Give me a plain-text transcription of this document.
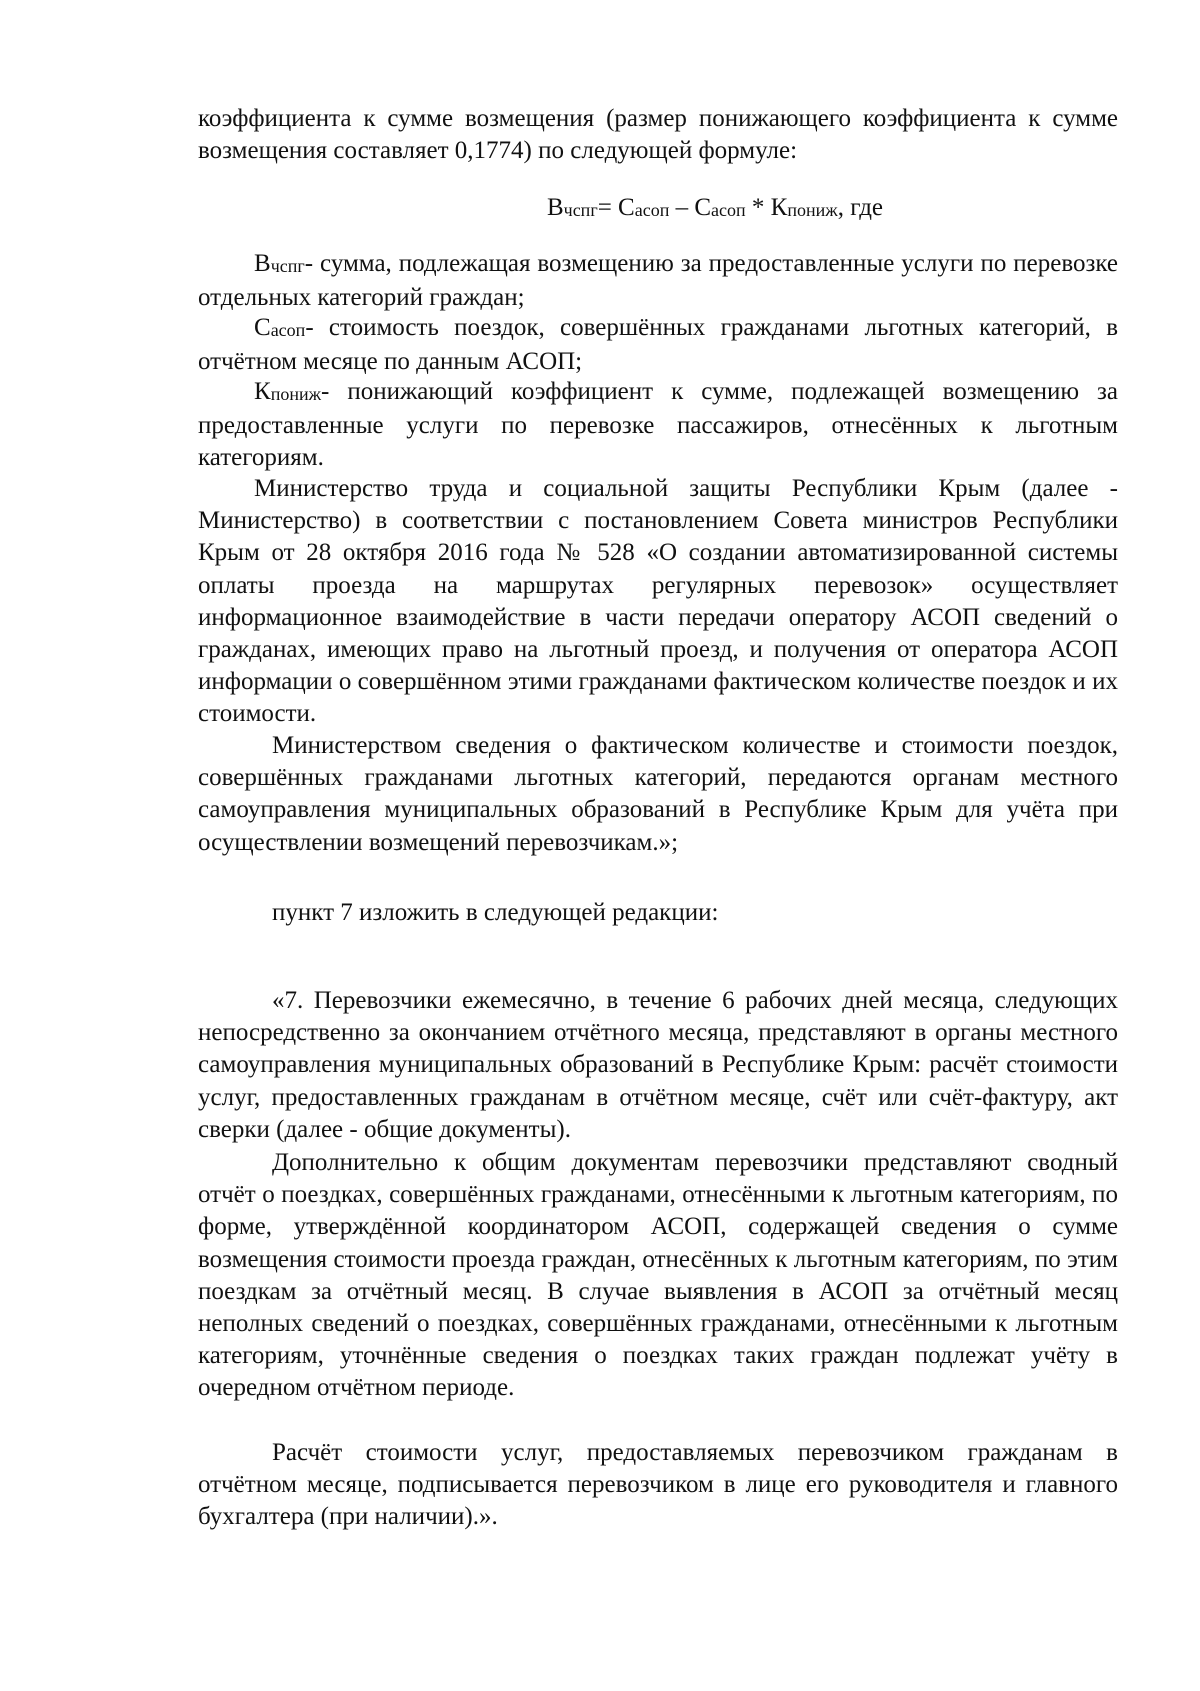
коэффициента к сумме возмещения (размер понижающего коэффициента к сумме возмещения составляет 0,1774) по следующей формуле:

Вчспг= Сасоп – Сасоп * Кпониж, где

Вчспг- сумма, подлежащая возмещению за предоставленные услуги по перевозке отдельных категорий граждан;

Сасоп- стоимость поездок, совершённых гражданами льготных категорий, в отчётном месяце по данным АСОП;

Кпониж- понижающий коэффициент к сумме, подлежащей возмещению за предоставленные услуги по перевозке пассажиров, отнесённых к льготным категориям.

Министерство труда и социальной защиты Республики Крым (далее - Министерство) в соответствии с постановлением Совета министров Республики Крым от 28 октября 2016 года № 528 «О создании автоматизированной системы оплаты проезда на маршрутах регулярных перевозок» осуществляет информационное взаимодействие в части передачи оператору АСОП сведений о гражданах, имеющих право на льготный проезд, и получения от оператора АСОП информации о совершённом этими гражданами фактическом количестве поездок и их стоимости.

Министерством сведения о фактическом количестве и стоимости поездок, совершённых гражданами льготных категорий, передаются органам местного самоуправления муниципальных образований в Республике Крым для учёта при осуществлении возмещений перевозчикам.»;

пункт 7 изложить в следующей редакции:

«7. Перевозчики ежемесячно, в течение 6 рабочих дней месяца, следующих непосредственно за окончанием отчётного месяца, представляют в органы местного самоуправления муниципальных образований в Республике Крым: расчёт стоимости услуг, предоставленных гражданам в отчётном месяце, счёт или счёт-фактуру, акт сверки (далее - общие документы).

Дополнительно к общим документам перевозчики представляют сводный отчёт о поездках, совершённых гражданами, отнесёнными к льготным категориям, по форме, утверждённой координатором АСОП, содержащей сведения о сумме возмещения стоимости проезда граждан, отнесённых к льготным категориям, по этим поездкам за отчётный месяц. В случае выявления в АСОП за отчётный месяц неполных сведений о поездках, совершённых гражданами, отнесёнными к льготным категориям, уточнённые сведения о поездках таких граждан подлежат учёту в очередном отчётном периоде.

Расчёт стоимости услуг, предоставляемых перевозчиком гражданам в отчётном месяце, подписывается перевозчиком в лице его руководителя и главного бухгалтера (при наличии).».
